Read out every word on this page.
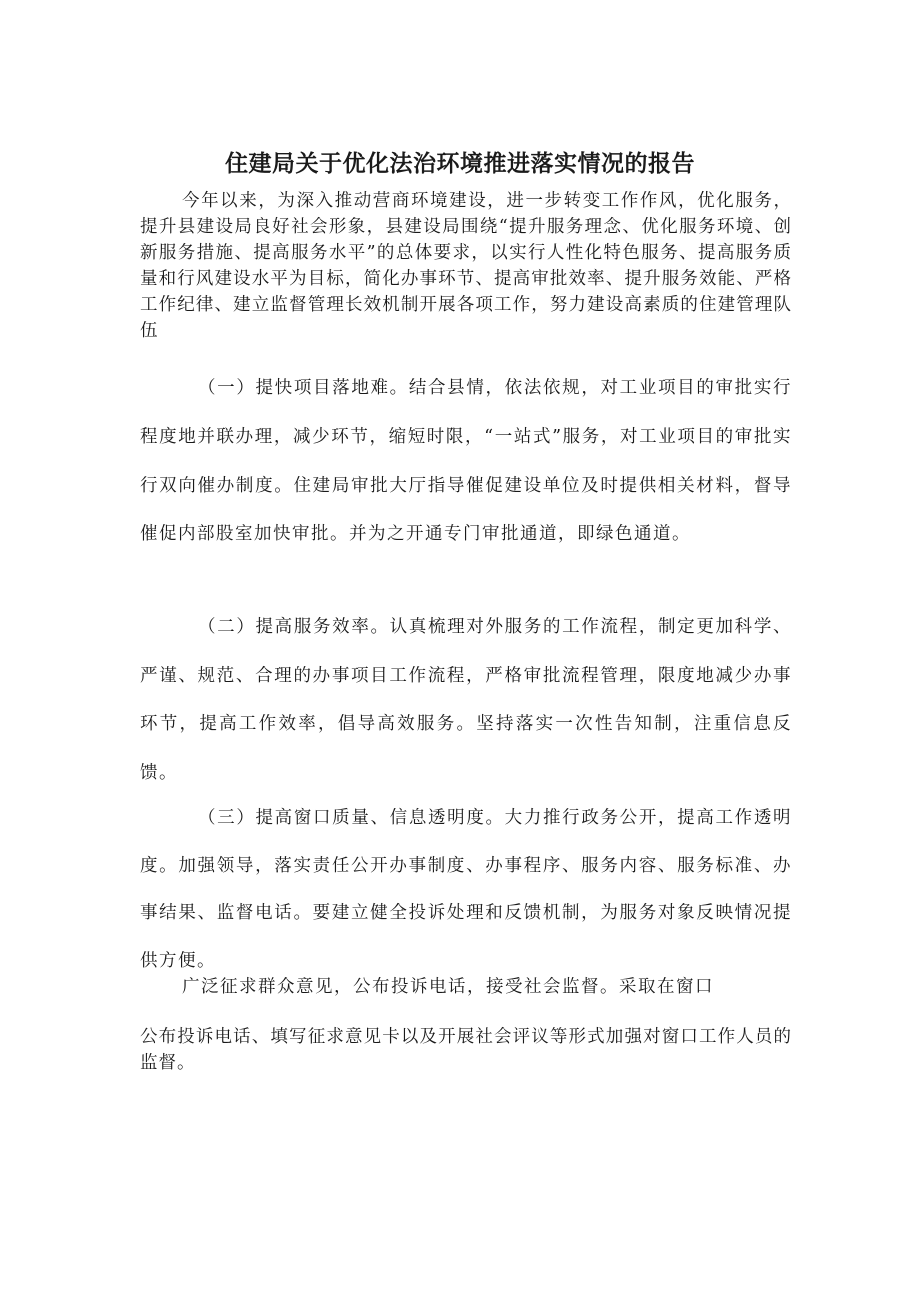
住建局关于优化法治环境推进落实情况的报告

今年以来，为深入推动营商环境建设，进一步转变工作作风，优化服务，提升县建设局良好社会形象，县建设局围绕“提升服务理念、优化服务环境、创新服务措施、提高服务水平”的总体要求，以实行人性化特色服务、提高服务质量和行风建设水平为目标，简化办事环节、提高审批效率、提升服务效能、严格工作纪律、建立监督管理长效机制开展各项工作，努力建设高素质的住建管理队伍

（一）提快项目落地难。结合县情，依法依规，对工业项目的审批实行程度地并联办理，减少环节，缩短时限，“一站式”服务，对工业项目的审批实行双向催办制度。住建局审批大厅指导催促建设单位及时提供相关材料，督导催促内部股室加快审批。并为之开通专门审批通道，即绿色通道。

（二）提高服务效率。认真梳理对外服务的工作流程，制定更加科学、严谨、规范、合理的办事项目工作流程，严格审批流程管理，限度地减少办事环节，提高工作效率，倡导高效服务。坚持落实一次性告知制，注重信息反馈。

（三）提高窗口质量、信息透明度。大力推行政务公开，提高工作透明度。加强领导，落实责任公开办事制度、办事程序、服务内容、服务标准、办事结果、监督电话。要建立健全投诉处理和反馈机制，为服务对象反映情况提供方便。

广泛征求群众意见，公布投诉电话，接受社会监督。采取在窗口

公布投诉电话、填写征求意见卡以及开展社会评议等形式加强对窗口工作人员的监督。
